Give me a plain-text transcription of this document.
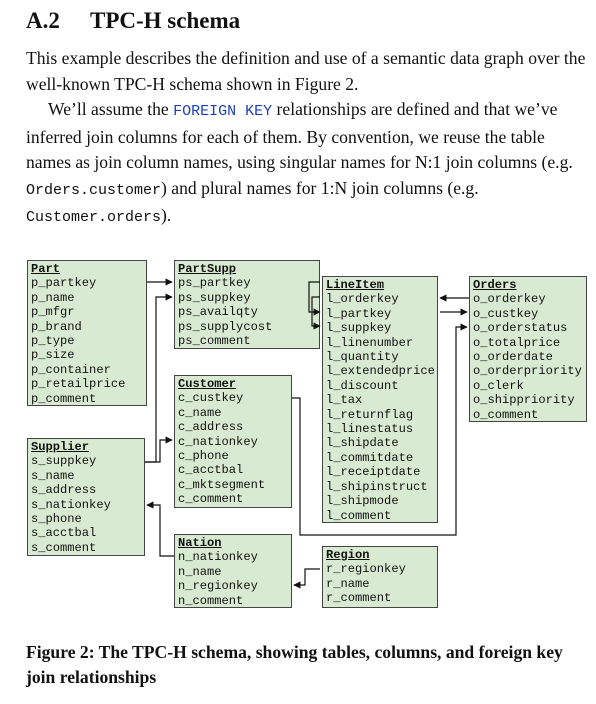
A.2 TPC-H schema

This example describes the definition and use of a semantic data graph over the well-known TPC-H schema shown in Figure 2.

We’ll assume the FOREIGN KEY relationships are defined and that we’ve inferred join columns for each of them. By convention, we reuse the table names as join column names, using singular names for N:1 join columns (e.g. Orders.customer) and plural names for 1:N join columns (e.g. Customer.orders).

Part
p_partkey
p_name
p_mfgr
p_brand
p_type
p_size
p_container
p_retailprice
p_comment
PartSupp
ps_partkey
ps_suppkey
ps_availqty
ps_supplycost
ps_comment
LineItem
l_orderkey
l_partkey
l_suppkey
l_linenumber
l_quantity
l_extendedprice
l_discount
l_tax
l_returnflag
l_linestatus
l_shipdate
l_commitdate
l_receiptdate
l_shipinstruct
l_shipmode
l_comment
Orders
o_orderkey
o_custkey
o_orderstatus
o_totalprice
o_orderdate
o_orderpriority
o_clerk
o_shippriority
o_comment
Customer
c_custkey
c_name
c_address
c_nationkey
c_phone
c_acctbal
c_mktsegment
c_comment
Supplier
s_suppkey
s_name
s_address
s_nationkey
s_phone
s_acctbal
s_comment	Nation
n_nationkey
n_name
n_regionkey
n_comment
Region
r_regionkey
r_name
r_comment

Figure 2: The TPC-H schema, showing tables, columns, and foreign key join relationships
